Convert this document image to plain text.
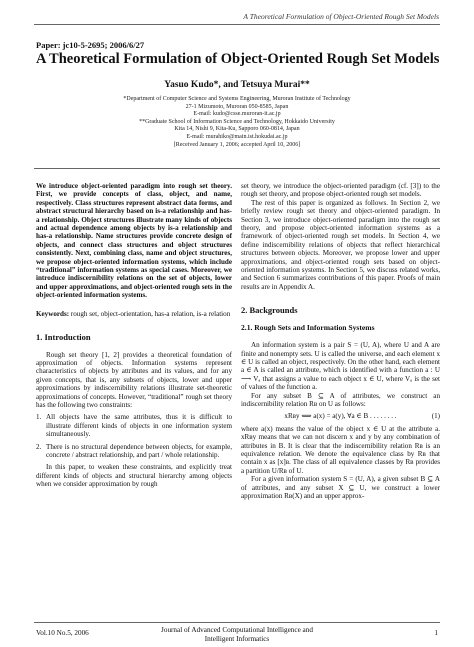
A Theoretical Formulation of Object-Oriented Rough Set Models
Paper: jc10-5-2695; 2006/6/27
A Theoretical Formulation of Object-Oriented Rough Set Models
Yasuo Kudo*, and Tetsuya Murai**
*Department of Computer Science and Systems Engineering, Muroran Institute of Technology
27-1 Mizumoto, Muroran 050-8585, Japan
E-mail: kudo@csse.muroran-it.ac.jp
**Graduate School of Information Science and Technology, Hokkaido University
Kita 14, Nishi 9, Kita-Ku, Sapporo 060-0814, Japan
E-mail: murahiko@main.ist.hokudai.ac.jp
[Received January 1, 2006; accepted April 10, 2006]
We introduce object-oriented paradigm into rough set theory. First, we provide concepts of class, object, and name, respectively. Class structures represent abstract data forms, and abstract structural hierarchy based on is-a relationship and has-a relationship. Object structures illustrate many kinds of objects and actual dependence among objects by is-a relationship and has-a relationship. Name structures provide concrete design of objects, and connect class structures and object structures consistently. Next, combining class, name and object structures, we propose object-oriented information systems, which include “traditional” information systems as special cases. Moreover, we introduce indiscernibility relations on the set of objects, lower and upper approximations, and object-oriented rough sets in the object-oriented information systems.
Keywords: rough set, object-orientation, has-a relation, is-a relation
1. Introduction

Rough set theory [1, 2] provides a theoretical foundation of approximation of objects. Information systems represent characteristics of objects by attributes and its values, and for any given concepts, that is, any subsets of objects, lower and upper approximations by indiscernibility relations illustrate set-theoretic approximations of concepts. However, “traditional” rough set theory has the following two constraints:

1. All objects have the same attributes, thus it is difficult to illustrate different kinds of objects in one information system simultaneously.
2. There is no structural dependence between objects, for example, concrete / abstract relationship, and part / whole relationship.

In this paper, to weaken these constraints, and explicitly treat different kinds of objects and structural hierarchy among objects when we consider approximation by rough

set theory, we introduce the object-oriented paradigm (cf. [3]) to the rough set theory, and propose object-oriented rough set models.

The rest of this paper is organized as follows. In Section 2, we briefly review rough set theory and object-oriented paradigm. In Section 3, we introduce object-oriented paradigm into the rough set theory, and propose object-oriented information systems as a framework of object-oriented rough set models. In Section 4, we define indiscernibility relations of objects that reflect hierarchical structures between objects. Moreover, we propose lower and upper approximations, and object-oriented rough sets based on object-oriented information systems. In Section 5, we discuss related works, and Section 6 summarizes contributions of this paper. Proofs of main results are in Appendix A.

2. Backgrounds
2.1. Rough Sets and Information Systems

An information system is a pair S = (U, A), where U and A are finite and nonempty sets. U is called the universe, and each element x ∈ U is called an object, respectively. On the other hand, each element a ∈ A is called an attribute, which is identified with a function a : U ⟶ Vₐ that assigns a value to each object x ∈ U, where Vₐ is the set of values of the function a.

For any subset B ⊆ A of attributes, we construct an indiscernibility relation Rʙ on U as follows:

xRʙy ⟺ a(x) = a(y), ∀a ∈ B . . . . . . . .	(1)

where a(x) means the value of the object x ∈ U at the attribute a. xRʙy means that we can not discern x and y by any combination of attributes in B. It is clear that the indiscernibility relation Rʙ is an equivalence relation. We denote the equivalence class by Rʙ that contain x as [x]ʙ. The class of all equivalence classes by Rʙ provides a partition U/Rʙ of U.

For a given information system S = (U, A), a given subset B ⊆ A of attributes, and any subset X ⊆ U, we construct a lower approximation Rʙ(X) and an upper approx-

Vol.10 No.5, 2006	Journal of Advanced Computational Intelligence and Intelligent Informatics
1
